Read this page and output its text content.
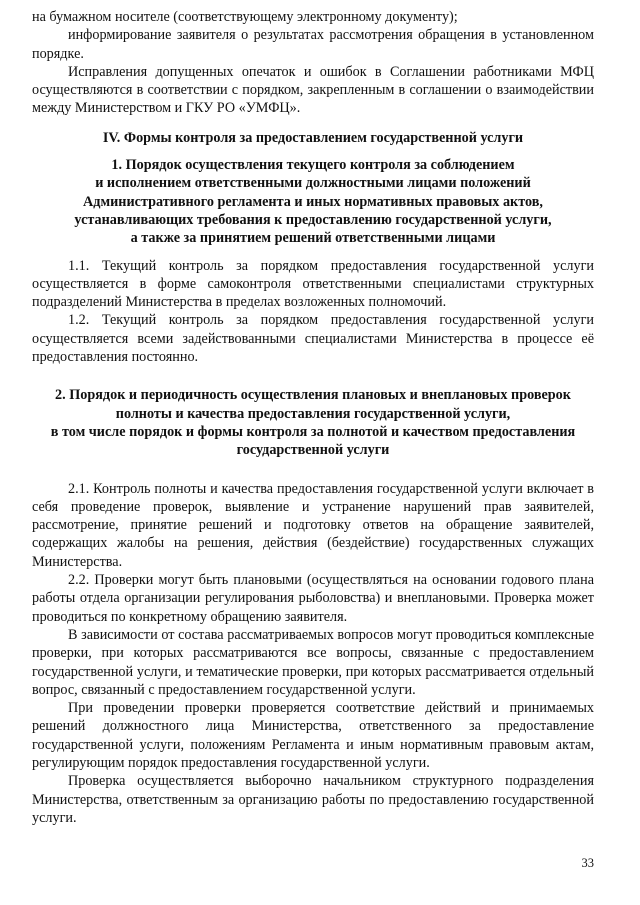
на бумажном носителе (соответствующему электронному документу);

информирование заявителя о результатах рассмотрения обращения в установленном порядке.

Исправления допущенных опечаток и ошибок в Соглашении работниками МФЦ осуществляются в соответствии с порядком, закрепленным в соглашении о взаимодействии между Министерством и ГКУ РО «УМФЦ».

IV. Формы контроля за предоставлением государственной услуги

1. Порядок осуществления текущего контроля за соблюдением

и исполнением ответственными должностными лицами положений

Административного регламента и иных нормативных правовых актов,

устанавливающих требования к предоставлению государственной услуги,

а также за принятием решений ответственными лицами

1.1. Текущий контроль за порядком предоставления государственной услуги осуществляется в форме самоконтроля ответственными специалистами структурных подразделений Министерства в пределах возложенных полномочий.

1.2. Текущий контроль за порядком предоставления государственной услуги осуществляется всеми задействованными специалистами Министерства в процессе её предоставления постоянно.

2. Порядок и периодичность осуществления плановых и внеплановых проверок

полноты и качества предоставления государственной услуги,

в том числе порядок и формы контроля за полнотой и качеством предоставления

государственной услуги

2.1. Контроль полноты и качества предоставления государственной услуги включает в себя проведение проверок, выявление и устранение нарушений прав заявителей, рассмотрение, принятие решений и подготовку ответов на обращение заявителей, содержащих жалобы на решения, действия (бездействие) государственных служащих Министерства.

2.2. Проверки могут быть плановыми (осуществляться на основании годового плана работы отдела организации регулирования рыболовства) и внеплановыми. Проверка может проводиться по конкретному обращению заявителя.

В зависимости от состава рассматриваемых вопросов могут проводиться комплексные проверки, при которых рассматриваются все вопросы, связанные с предоставлением государственной услуги, и тематические проверки, при которых рассматривается отдельный вопрос, связанный с предоставлением государственной услуги.

При проведении проверки проверяется соответствие действий и принимаемых решений должностного лица Министерства, ответственного за предоставление государственной услуги, положениям Регламента и иным нормативным правовым актам, регулирующим порядок предоставления государственной услуги.

Проверка осуществляется выборочно начальником структурного подразделения Министерства, ответственным за организацию работы по предоставлению государственной услуги.

33
